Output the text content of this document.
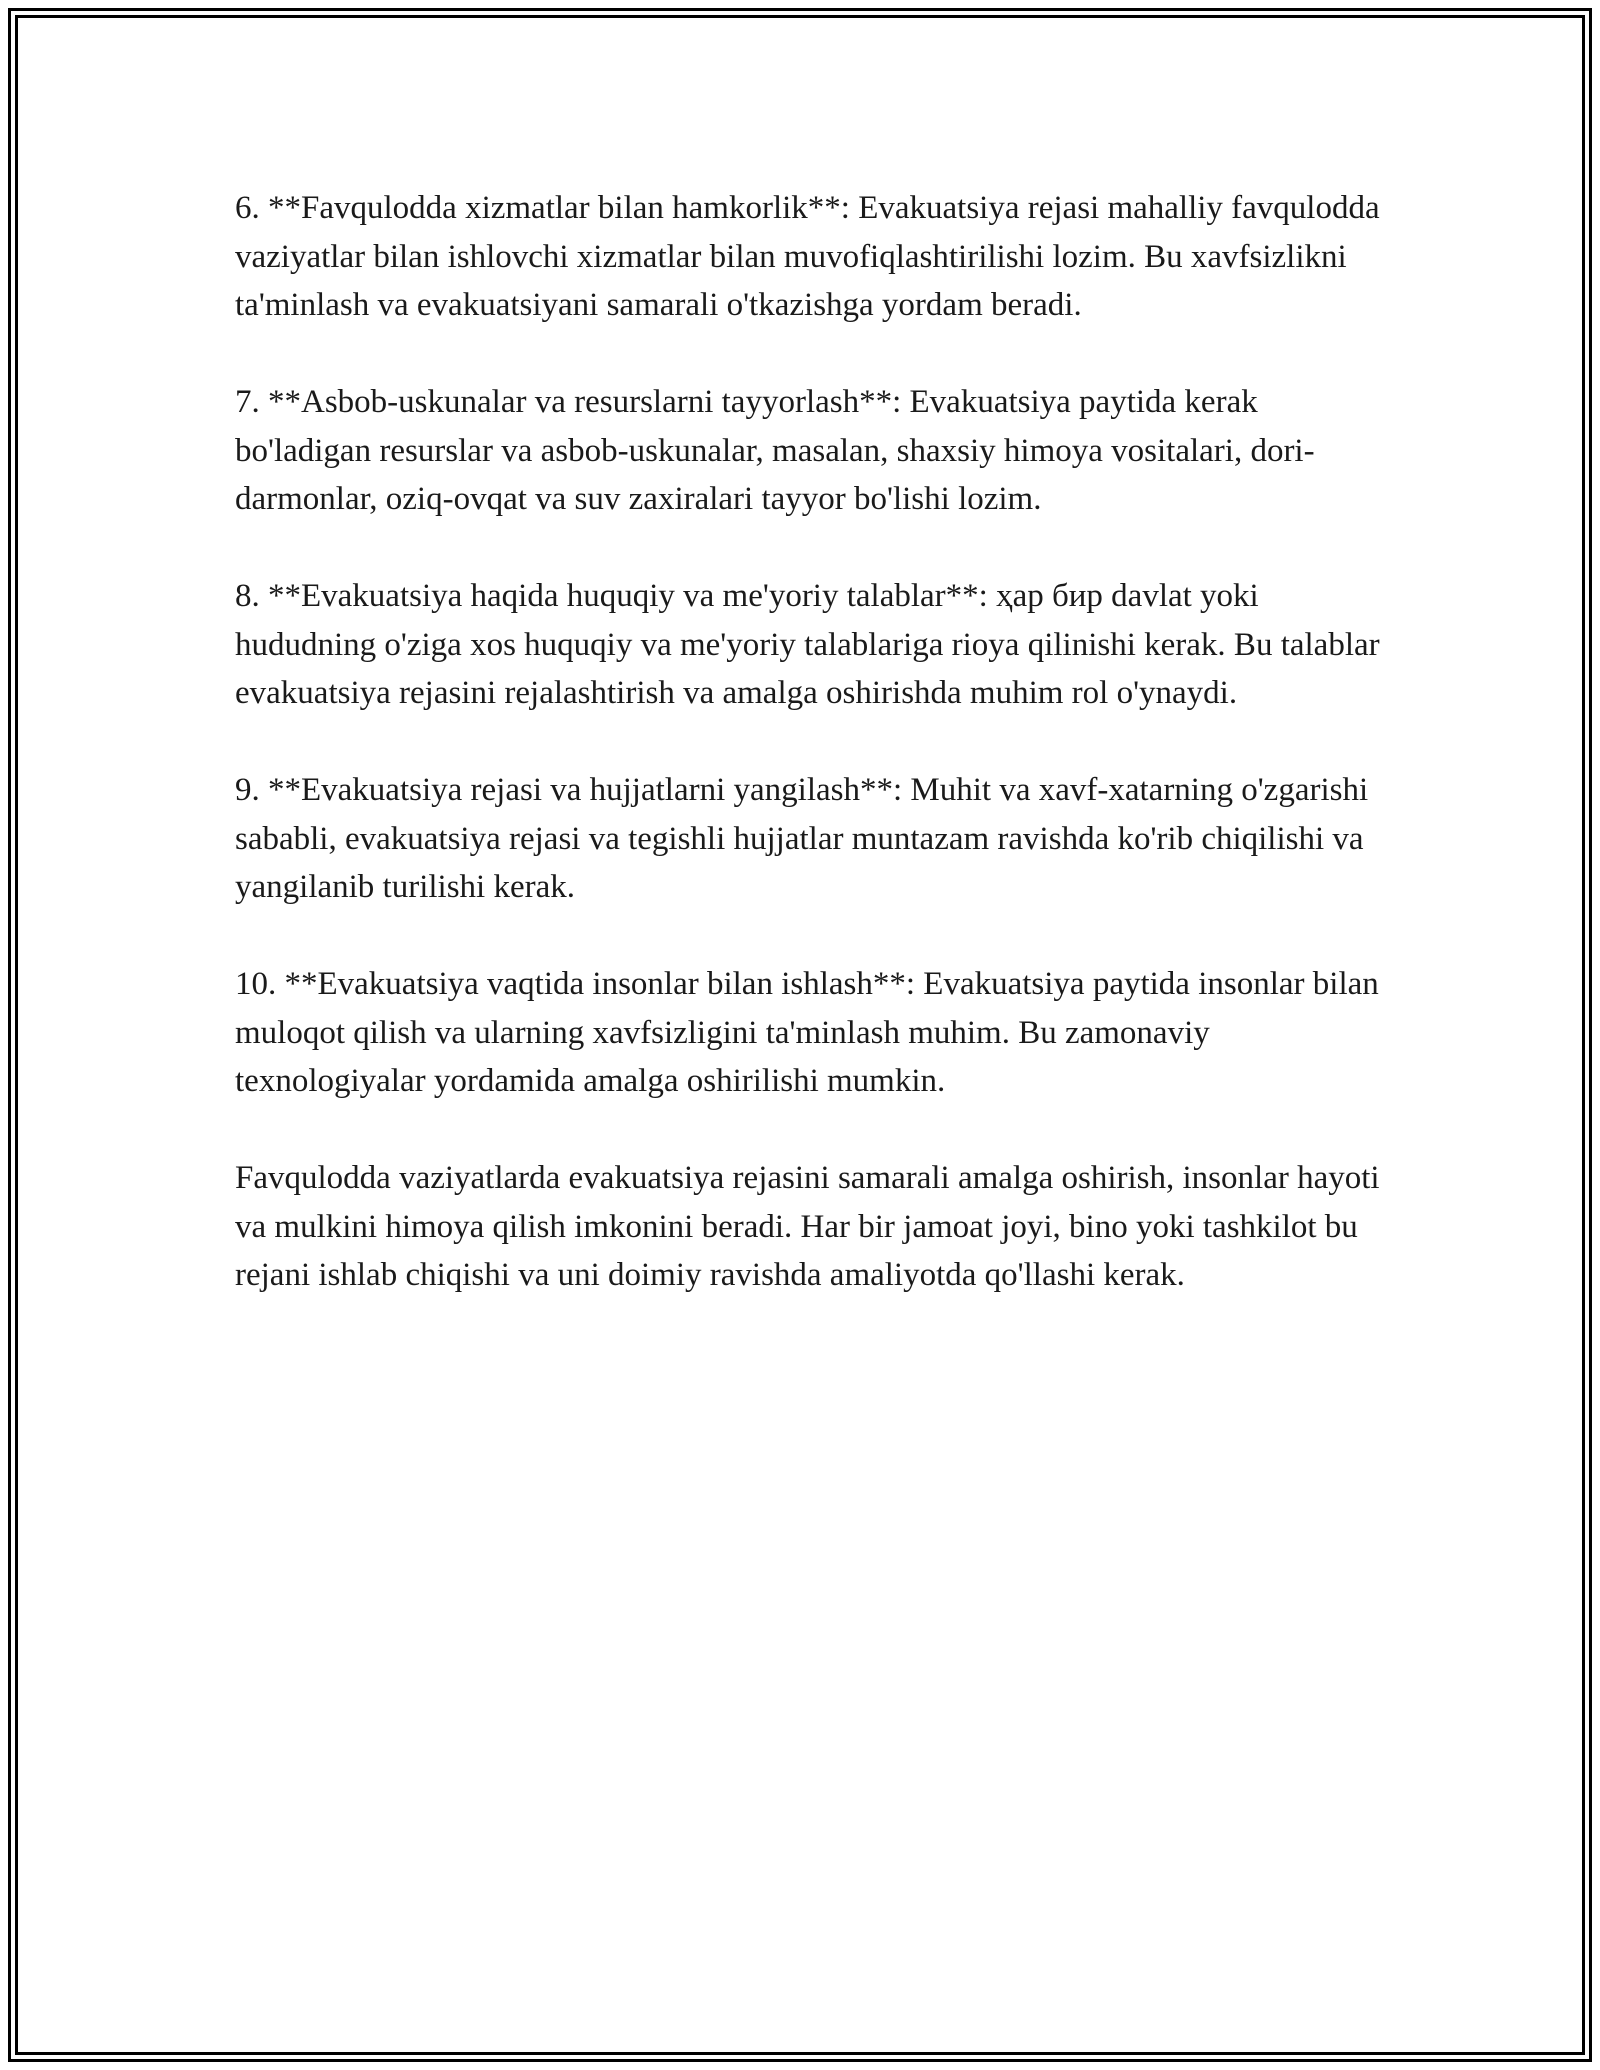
6. **Favqulodda xizmatlar bilan hamkorlik**: Evakuatsiya rejasi mahalliy favqulodda vaziyatlar bilan ishlovchi xizmatlar bilan muvofiqlashtirilishi lozim. Bu xavfsizlikni ta'minlash va evakuatsiyani samarali o'tkazishga yordam beradi.

7. **Asbob-uskunalar va resurslarni tayyorlash**: Evakuatsiya paytida kerak bo'ladigan resurslar va asbob-uskunalar, masalan, shaxsiy himoya vositalari, dori-darmonlar, oziq-ovqat va suv zaxiralari tayyor bo'lishi lozim.

8. **Evakuatsiya haqida huquqiy va me'yoriy talablar**: ҳар бир davlat yoki hududning o'ziga xos huquqiy va me'yoriy talablariga rioya qilinishi kerak. Bu talablar evakuatsiya rejasini rejalashtirish va amalga oshirishda muhim rol o'ynaydi.

9. **Evakuatsiya rejasi va hujjatlarni yangilash**: Muhit va xavf-xatarning o'zgarishi sababli, evakuatsiya rejasi va tegishli hujjatlar muntazam ravishda ko'rib chiqilishi va yangilanib turilishi kerak.

10. **Evakuatsiya vaqtida insonlar bilan ishlash**: Evakuatsiya paytida insonlar bilan muloqot qilish va ularning xavfsizligini ta'minlash muhim. Bu zamonaviy texnologiyalar yordamida amalga oshirilishi mumkin.

Favqulodda vaziyatlarda evakuatsiya rejasini samarali amalga oshirish, insonlar hayoti va mulkini himoya qilish imkonini beradi. Har bir jamoat joyi, bino yoki tashkilot bu rejani ishlab chiqishi va uni doimiy ravishda amaliyotda qo'llashi kerak.
